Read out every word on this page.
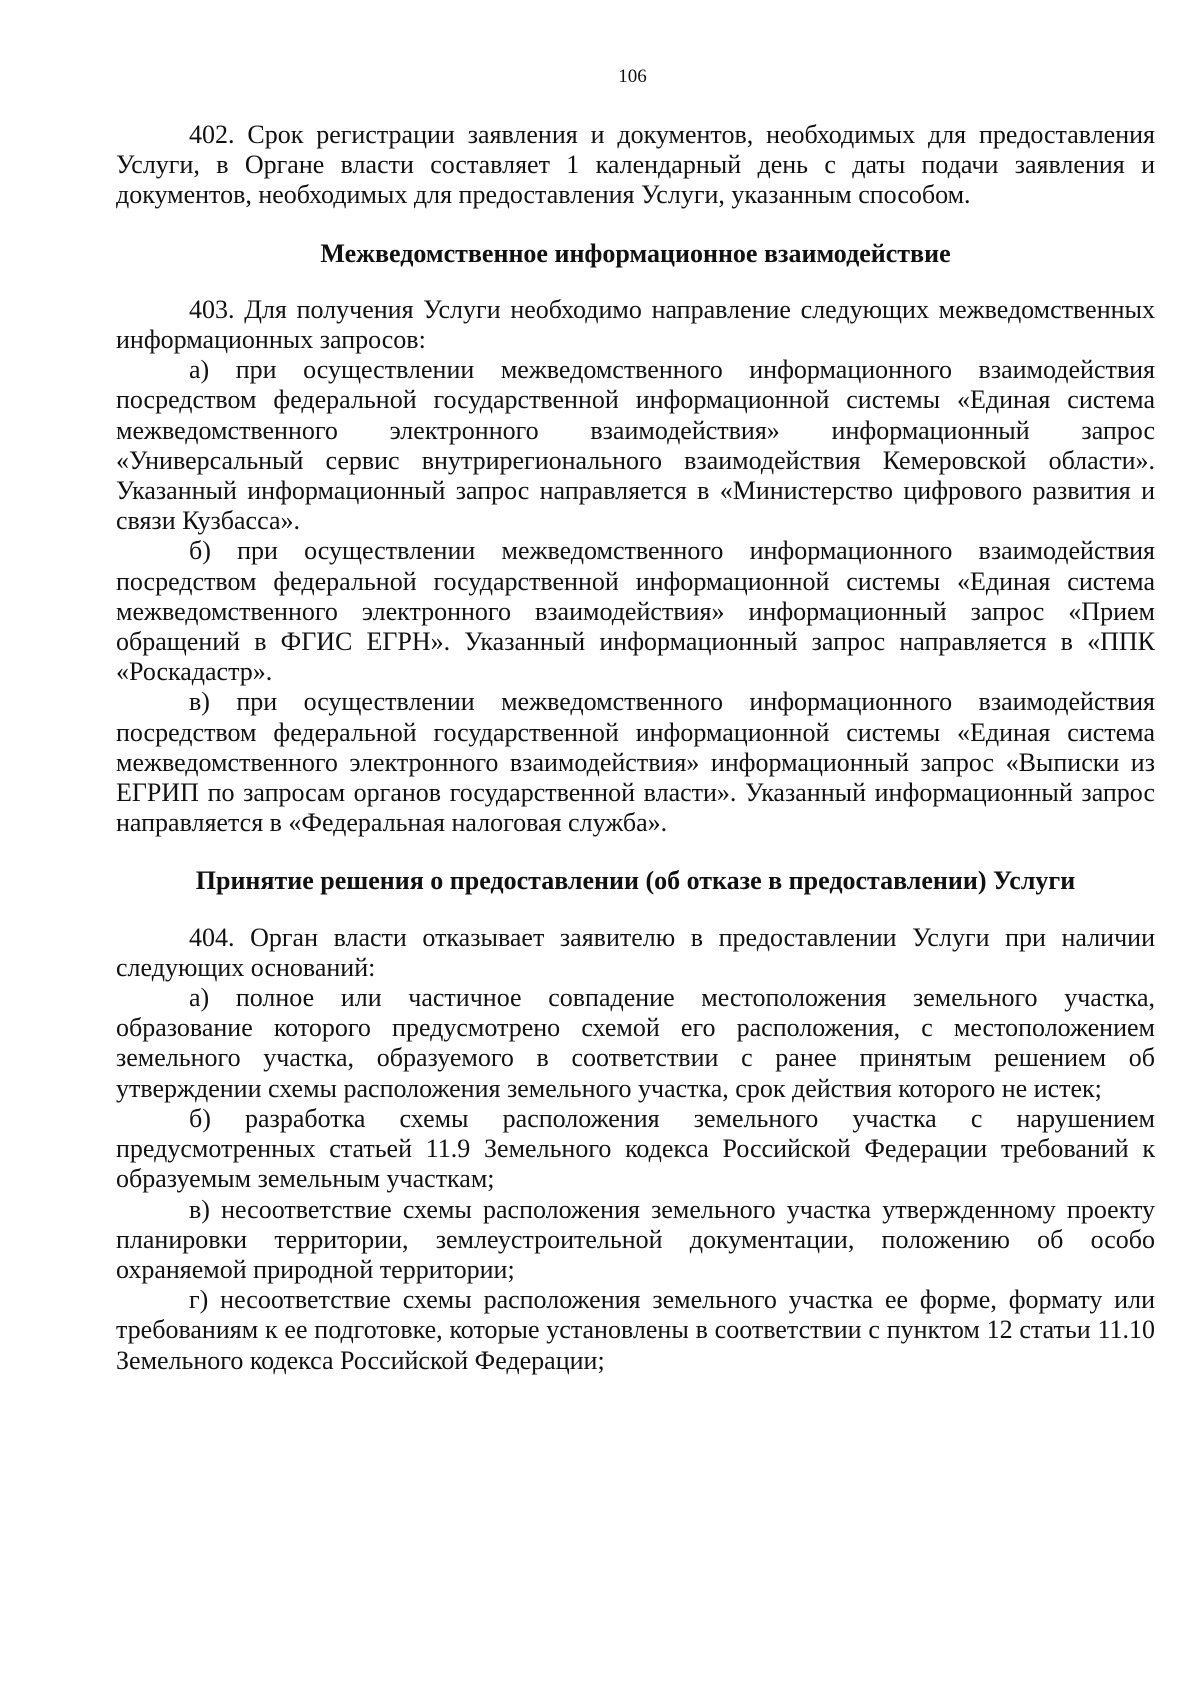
106

402. Срок регистрации заявления и документов, необходимых для предоставления Услуги, в Органе власти составляет 1 календарный день с даты подачи заявления и документов, необходимых для предоставления Услуги, указанным способом.

Межведомственное информационное взаимодействие

403. Для получения Услуги необходимо направление следующих межведомственных информационных запросов:

а) при осуществлении межведомственного информационного взаимодействия посредством федеральной государственной информационной системы «Единая система межведомственного электронного взаимодействия» информационный запрос «Универсальный сервис внутрирегионального взаимодействия Кемеровской области». Указанный информационный запрос направляется в «Министерство цифрового развития и связи Кузбасса».

б) при осуществлении межведомственного информационного взаимодействия посредством федеральной государственной информационной системы «Единая система межведомственного электронного взаимодействия» информационный запрос «Прием обращений в ФГИС ЕГРН». Указанный информационный запрос направляется в «ППК «Роскадастр».

в) при осуществлении межведомственного информационного взаимодействия посредством федеральной государственной информационной системы «Единая система межведомственного электронного взаимодействия» информационный запрос «Выписки из ЕГРИП по запросам органов государственной власти». Указанный информационный запрос направляется в «Федеральная налоговая служба».

Принятие решения о предоставлении (об отказе в предоставлении) Услуги

404. Орган власти отказывает заявителю в предоставлении Услуги при наличии следующих оснований:

а) полное или частичное совпадение местоположения земельного участка, образование которого предусмотрено схемой его расположения, с местоположением земельного участка, образуемого в соответствии с ранее принятым решением об утверждении схемы расположения земельного участка, срок действия которого не истек;

б) разработка схемы расположения земельного участка с нарушением предусмотренных статьей 11.9 Земельного кодекса Российской Федерации требований к образуемым земельным участкам;

в) несоответствие схемы расположения земельного участка утвержденному проекту планировки территории, землеустроительной документации, положению об особо охраняемой природной территории;

г) несоответствие схемы расположения земельного участка ее форме, формату или требованиям к ее подготовке, которые установлены в соответствии с пунктом 12 статьи 11.10 Земельного кодекса Российской Федерации;
